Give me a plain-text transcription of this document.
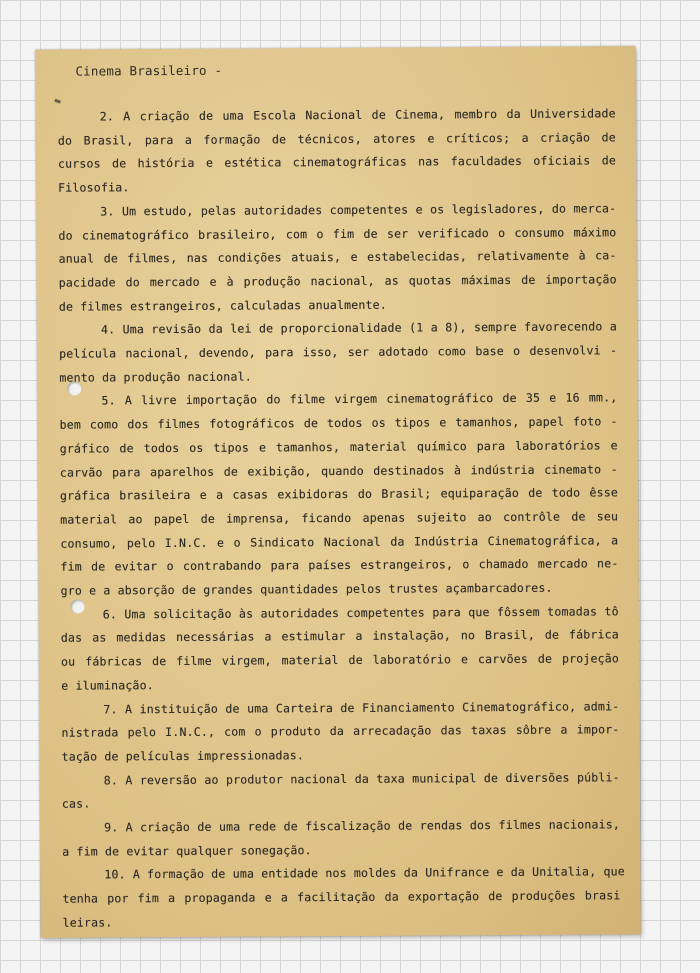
Cinema Brasileiro -

2. A criação de uma Escola Nacional de Cinema, membro da Universidade

do Brasil, para a formação de técnicos, atores e críticos; a criação de

cursos de história e estética cinematográficas nas faculdades oficiais de

Filosofia.

3. Um estudo, pelas autoridades competentes e os legisladores, do merca-

do cinematográfico brasileiro, com o fim de ser verificado o consumo máximo

anual de filmes, nas condições atuais, e estabelecidas, relativamente à ca-

pacidade do mercado e à produção nacional, as quotas máximas de importação

de filmes estrangeiros, calculadas anualmente.

4. Uma revisão da lei de proporcionalidade (1 a 8), sempre favorecendo a

película nacional, devendo, para isso, ser adotado como base o desenvolvi -

mento da produção nacional.

5. A livre importação do filme virgem cinematográfico de 35 e 16 mm.,

bem como dos filmes fotográficos de todos os tipos e tamanhos, papel foto -

gráfico de todos os tipos e tamanhos, material químico para laboratórios e

carvão para aparelhos de exibição, quando destinados à indústria cinemato -

gráfica brasileira e a casas exibidoras do Brasil; equiparação de todo êsse

material ao papel de imprensa, ficando apenas sujeito ao contrôle de seu

consumo, pelo I.N.C. e o Sindicato Nacional da Indústria Cinematográfica, a

fim de evitar o contrabando para países estrangeiros, o chamado mercado ne-

gro e a absorção de grandes quantidades pelos trustes açambarcadores.

6. Uma solicitação às autoridades competentes para que fôssem tomadas tô

das as medidas necessárias a estimular a instalação, no Brasil, de fábrica

ou fábricas de filme virgem, material de laboratório e carvões de projeção

e iluminação.

7. A instituição de uma Carteira de Financiamento Cinematográfico, admi-

nistrada pelo I.N.C., com o produto da arrecadação das taxas sôbre a impor-

tação de películas impressionadas.

8. A reversão ao produtor nacional da taxa municipal de diversões públi-

cas.

9. A criação de uma rede de fiscalização de rendas dos filmes nacionais,

a fim de evitar qualquer sonegação.

10. A formação de uma entidade nos moldes da Unifrance e da Unitalia, que

tenha por fim a propaganda e a facilitação da exportação de produções brasi

leiras.
